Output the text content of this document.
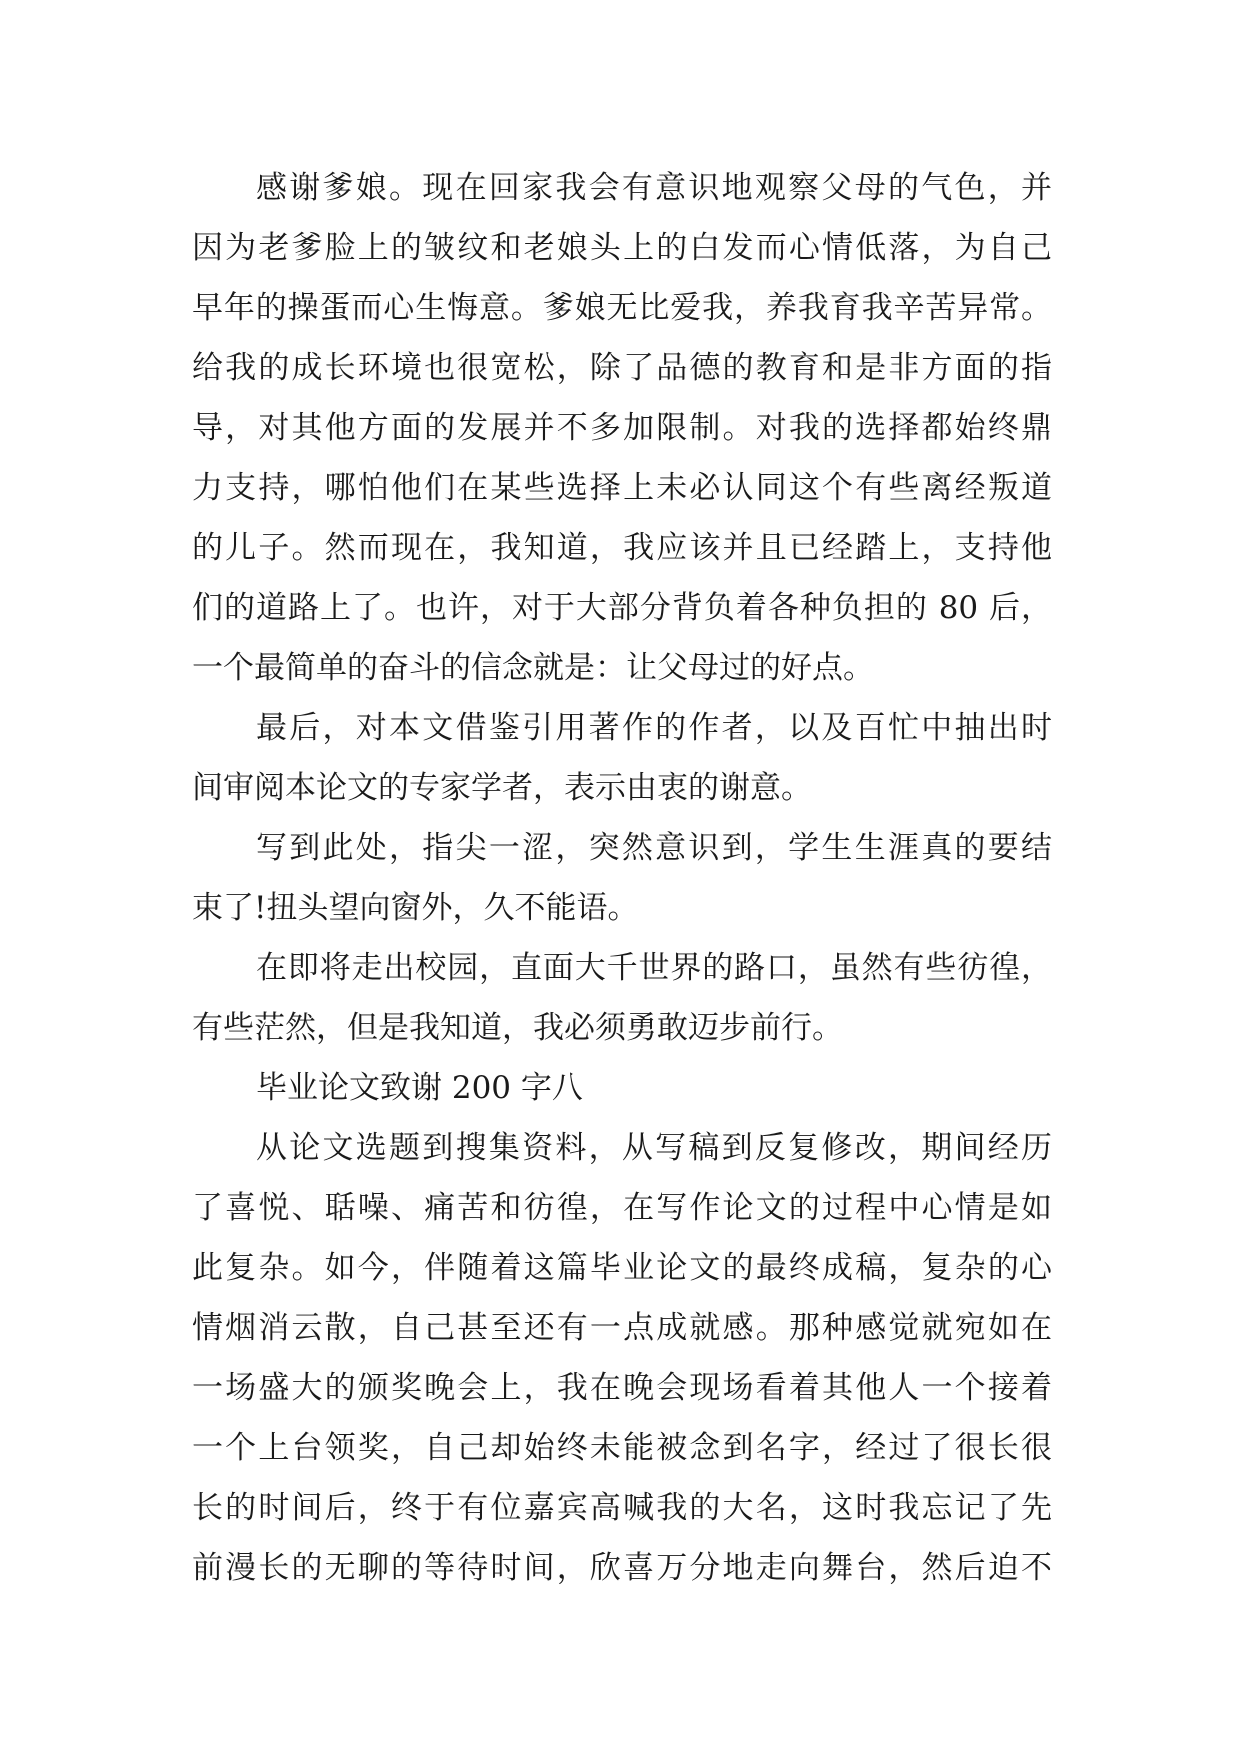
感谢爹娘。现在回家我会有意识地观察父母的气色，并
因为老爹脸上的皱纹和老娘头上的白发而心情低落，为自己
早年的操蛋而心生悔意。爹娘无比爱我，养我育我辛苦异常。
给我的成长环境也很宽松，除了品德的教育和是非方面的指
导，对其他方面的发展并不多加限制。对我的选择都始终鼎
力支持，哪怕他们在某些选择上未必认同这个有些离经叛道
的儿子。然而现在，我知道，我应该并且已经踏上，支持他
们的道路上了。也许，对于大部分背负着各种负担的 80 后，
一个最简单的奋斗的信念就是：让父母过的好点。
最后，对本文借鉴引用著作的作者，以及百忙中抽出时
间审阅本论文的专家学者，表示由衷的谢意。
写到此处，指尖一涩，突然意识到，学生生涯真的要结
束了!扭头望向窗外，久不能语。
在即将走出校园，直面大千世界的路口，虽然有些彷徨，
有些茫然，但是我知道，我必须勇敢迈步前行。
毕业论文致谢 200 字八
从论文选题到搜集资料，从写稿到反复修改，期间经历
了喜悦、聒噪、痛苦和彷徨，在写作论文的过程中心情是如
此复杂。如今，伴随着这篇毕业论文的最终成稿，复杂的心
情烟消云散，自己甚至还有一点成就感。那种感觉就宛如在
一场盛大的颁奖晚会上，我在晚会现场看着其他人一个接着
一个上台领奖，自己却始终未能被念到名字，经过了很长很
长的时间后，终于有位嘉宾高喊我的大名，这时我忘记了先
前漫长的无聊的等待时间，欣喜万分地走向舞台，然后迫不
